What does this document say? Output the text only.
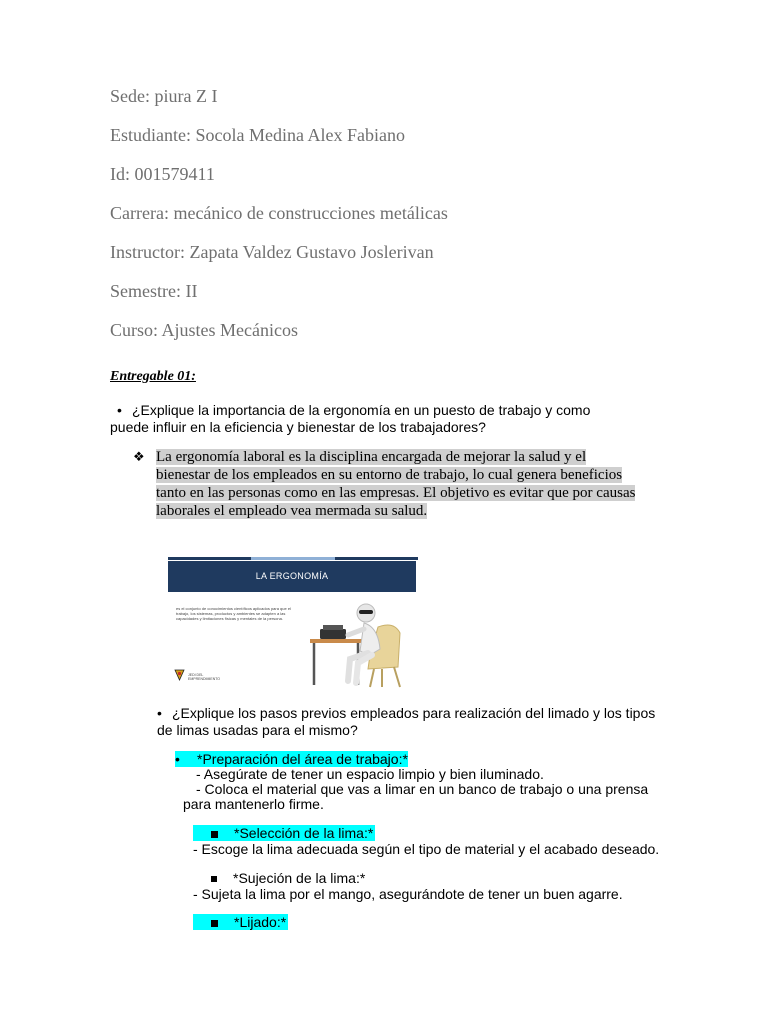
Sede: piura Z I
Estudiante: Socola Medina Alex Fabiano
Id: 001579411
Carrera: mecánico de construcciones metálicas
Instructor: Zapata Valdez Gustavo Joslerivan
Semestre: II
Curso: Ajustes Mecánicos
Entregable 01:
• ¿Explique la importancia de la ergonomía en un puesto de trabajo y como
puede influir en la eficiencia y bienestar de los trabajadores?
❖ La ergonomía laboral es la disciplina encargada de mejorar la salud y el
bienestar de los empleados en su entorno de trabajo, lo cual genera beneficios
tanto en las personas como en las empresas. El objetivo es evitar que por causas
laborales el empleado vea mermada su salud.
LA ERGONOMÍA
es el conjunto de conocimientos científicos aplicados para que el trabajo, los sistemas, productos y ambientes se adapten a las capacidades y limitaciones físicas y mentales de la persona.
JEDI DEL EMPRENDIMIENTO
• ¿Explique los pasos previos empleados para realización del limado y los tipos
de limas usadas para el mismo?
• *Preparación del área de trabajo:*
- Asegúrate de tener un espacio limpio y bien iluminado.
- Coloca el material que vas a limar en un banco de trabajo o una prensa
para mantenerlo firme.
*Selección de la lima:*
- Escoge la lima adecuada según el tipo de material y el acabado deseado.
*Sujeción de la lima:*
- Sujeta la lima por el mango, asegurándote de tener un buen agarre.
*Lijado:*
